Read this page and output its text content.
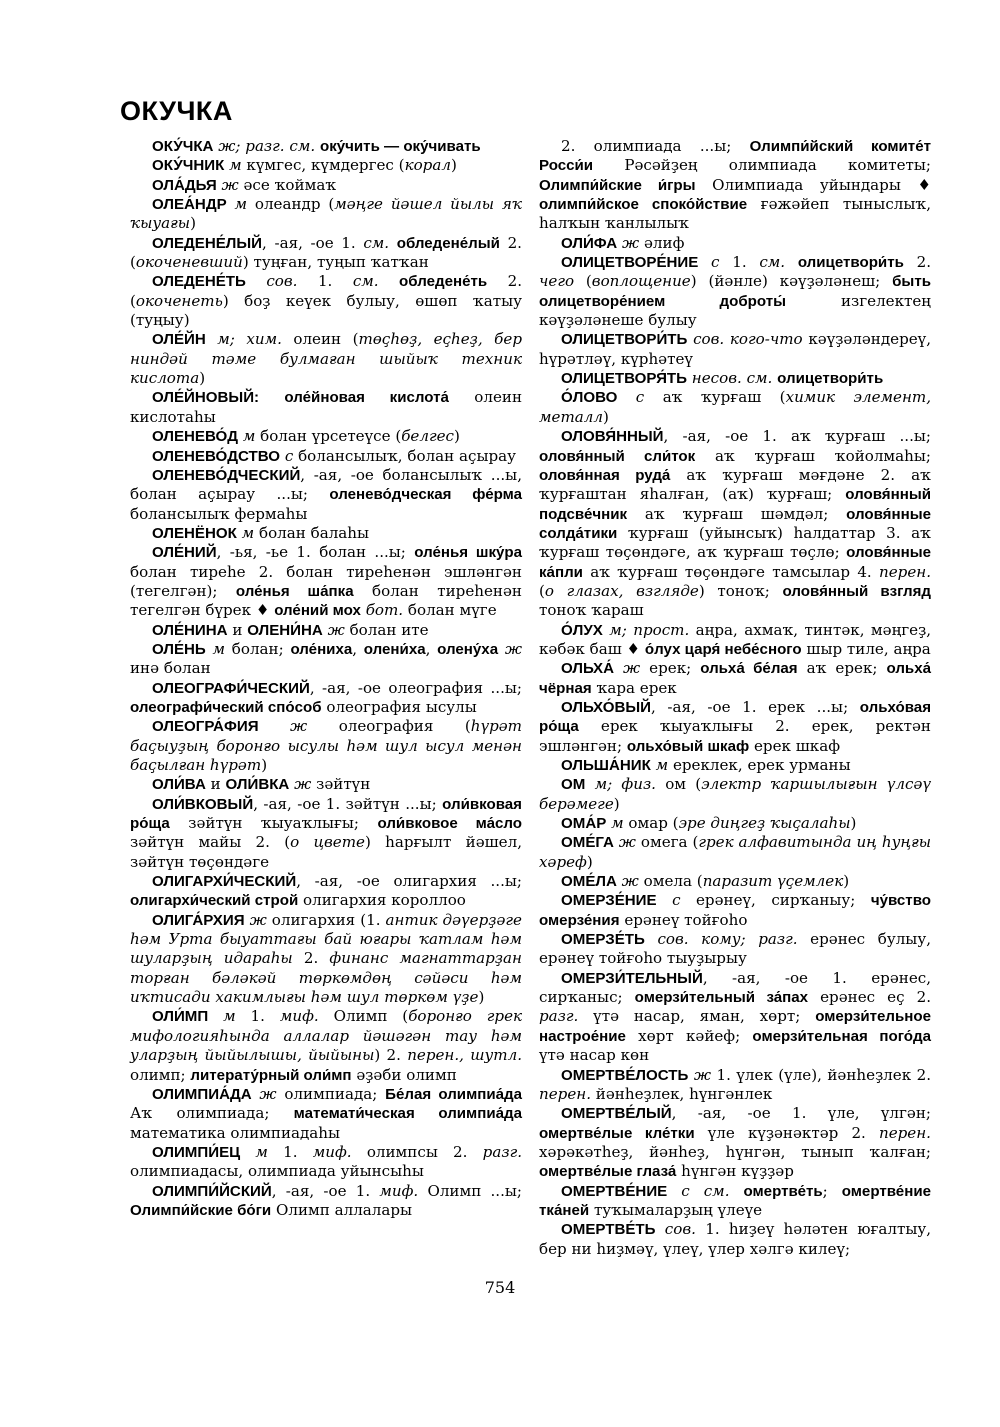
ОКУЧКА

ОКУ́ЧКА ж; разг. см. оку́чить — оку́чивать

ОКУ́ЧНИК м күмгес, күмдергес (корал)

ОЛА́ДЬЯ ж әсе ҡоймаҡ

ОЛЕА́НДР м олеандр (мәңге йәшел йылы яҡ ҡыуағы)

ОЛЕДЕНЕ́ЛЫЙ, -ая, -ое 1. см. обледене́лый 2. (окоченевший) туңған, туңып ҡатҡан

ОЛЕДЕНЕ́ТЬ сов. 1. см. обледене́ть 2. (окоченеть) боҙ кеүек булыу, өшөп ҡатыу (туңыу)

ОЛЕ́ЙН м; хим. олеин (төҫһөҙ, еҫһеҙ, бер ниндәй тәме булмаған шыйыҡ техник кислота)

ОЛЕ́ЙНОВЫЙ: оле́йновая кислота́ олеин кислотаһы

ОЛЕНЕВО́Д м болан үрсетеүсе (белгес)

ОЛЕНЕВО́ДСТВО с болансылыҡ, болан аҫырау

ОЛЕНЕВО́ДЧЕСКИЙ, -ая, -ое болансылыҡ ...ы, болан аҫырау ...ы; оленево́дческая фе́рма болансылыҡ фермаһы

ОЛЕНЁНОК м болан балаһы

ОЛЕ́НИЙ, -ья, -ье 1. болан ...ы; оле́нья шку́ра болан тиреһе 2. болан тиреһенән эшләнгән (тегелгән); оле́нья ша́пка болан тиреһенән тегелгән бүрек ♦ оле́ний мох бот. болан мүге

ОЛЕ́НИНА и ОЛЕНИ́НА ж болан ите

ОЛЕ́НЬ м болан; оле́ниха, олени́ха, олену́ха ж инә болан

ОЛЕОГРАФИ́ЧЕСКИЙ, -ая, -ое олеография ...ы; олеографи́ческий спо́соб олеография ысулы

ОЛЕОГРА́ФИЯ ж олеография (һүрәт баҫыуҙың боронғо ысулы һәм шул ысул менән баҫылған һүрәт)

ОЛИ́ВА и ОЛИ́ВКА ж зәйтүн

ОЛИ́ВКОВЫЙ, -ая, -ое 1. зәйтүн ...ы; оли́вковая ро́ща зәйтүн ҡыуаҡлығы; оли́вковое ма́сло зәйтүн майы 2. (о цвете) һарғылт йәшел, зәйтүн төҫөндәге

ОЛИГАРХИ́ЧЕСКИЙ, -ая, -ое олигархия ...ы; олигархи́ческий строй олигархия короллоо

ОЛИГА́РХИЯ ж олигархия (1. антик дәүерҙәге һәм Урта быуаттағы бай юғары ҡатлам һәм шуларҙың идараһы 2. финанс магнаттарҙан торған бәләкәй төркөмдөң сәйәси һәм иҡтисади хакимлығы һәм шул төркөм үҙе)

ОЛИ́МП м 1. миф. Олимп (боронғо грек мифологияһында аллалар йәшәгән тау һәм уларҙың йыйылышы, йыйыны) 2. перен., шутл. олимп; литерату́рный оли́мп әҙәби олимп

ОЛИМПИА́ДА ж олимпиада; Бе́лая олимпиа́да Аҡ олимпиада; математи́ческая олимпиа́да математика олимпиадаһы

ОЛИМПИ́ЕЦ м 1. миф. олимпсы 2. разг. олимпиадасы, олимпиада уйынсыһы

ОЛИМПИ́ЙСКИЙ, -ая, -ое 1. миф. Олимп ...ы; Олимпи́йские бо́ги Олимп аллалары

2. олимпиада ...ы; Олимпи́йский комите́т Росси́и Рәсәйҙең олимпиада комитеты; Олимпи́йские и́гры Олимпиада уйындары ♦ олимпи́йское споко́йствие ғәжәйеп тыныслыҡ, һалҡын ҡанлылыҡ

ОЛИ́ФА ж әлиф

ОЛИЦЕТВОРЕ́НИЕ с 1. см. олицетвори́ть 2. чего (воплощение) (йәнле) кәүҙәләнеш; быть олицетворе́нием доброты́ изгелектең кәүҙәләнеше булыу

ОЛИЦЕТВОРИ́ТЬ сов. кого-что кәүҙәләндереү, һүрәтләү, күрһәтеү

ОЛИЦЕТВОРЯ́ТЬ несов. см. олицетвори́ть

О́ЛОВО с аҡ ҡурғаш (химик элемент, металл)

ОЛОВЯ́ННЫЙ, -ая, -ое 1. аҡ ҡурғаш ...ы; оловя́нный сли́ток аҡ ҡурғаш ҡойолмаһы; оловя́нная руда́ аҡ ҡурғаш мәғдәне 2. аҡ ҡурғаштан яһалған, (аҡ) ҡурғаш; оловя́нный подсве́чник аҡ ҡурғаш шәмдәл; оловя́нные солда́тики ҡурғаш (уйынсыҡ) һалдаттар 3. аҡ ҡурғаш төҫөндәге, аҡ ҡурғаш төҫлө; оловя́нные ка́пли аҡ ҡурғаш төҫөндәге тамсылар 4. перен. (о глазах, взгляде) тоноҡ; оловя́нный взгляд тоноҡ ҡараш

О́ЛУХ м; прост. аңра, ахмаҡ, тинтәк, мәңгеҙ, кәбәк баш ♦ о́лух царя́ небе́сного шыр тиле, аңра

ОЛЬХА́ ж ерек; ольха́ бе́лая аҡ ерек; ольха́ чёрная ҡара ерек

ОЛЬХО́ВЫЙ, -ая, -ое 1. ерек ...ы; ольхо́вая ро́ща ерек ҡыуаҡлығы 2. ерек, ректән эшләнгән; ольхо́вый шкаф ерек шкаф

ОЛЬША́НИК м ереклек, ерек урманы

ОМ м; физ. ом (электр ҡаршылығын үлсәү берәмеге)

ОМА́Р м омар (эре диңгеҙ ҡыҫалаһы)

ОМЕ́ГА ж омега (грек алфавитында иң һуңғы хәреф)

ОМЕ́ЛА ж омела (паразит үҫемлек)

ОМЕРЗЕ́НИЕ с ерәнеү, сирҡаныу; чу́вство омерзе́ния ерәнеү тойғоһо

ОМЕРЗЕ́ТЬ сов. кому; разг. ерәнес булыу, ерәнеү тойғоһо тыуҙырыу

ОМЕРЗИ́ТЕЛЬНЫЙ, -ая, -ое 1. ерәнес, сирҡаныс; омерзи́тельный за́пах ерәнес еҫ 2. разг. үтә насар, яман, хөрт; омерзи́тельное настрое́ние хөрт кәйеф; омерзи́тельная пого́да үтә насар көн

ОМЕРТВЕ́ЛОСТЬ ж 1. үлек (үле), йәнһеҙлек 2. перен. йәнһеҙлек, һүнгәнлек

ОМЕРТВЕ́ЛЫЙ, -ая, -ое 1. үле, үлгән; омертве́лые кле́тки үле күҙәнәктәр 2. перен. хәрәкәтһеҙ, йәнһеҙ, һүнгән, тынып ҡалған; омертве́лые глаза́ һүнгән күҙҙәр

ОМЕРТВЕ́НИЕ с см. омертве́ть; омертве́ние тка́ней туҡымаларҙың үлеүе

ОМЕРТВЕ́ТЬ сов. 1. һиҙеү һәләтен юғалтыу, бер ни һиҙмәү, үлеү, үлер хәлгә килеү;

754
